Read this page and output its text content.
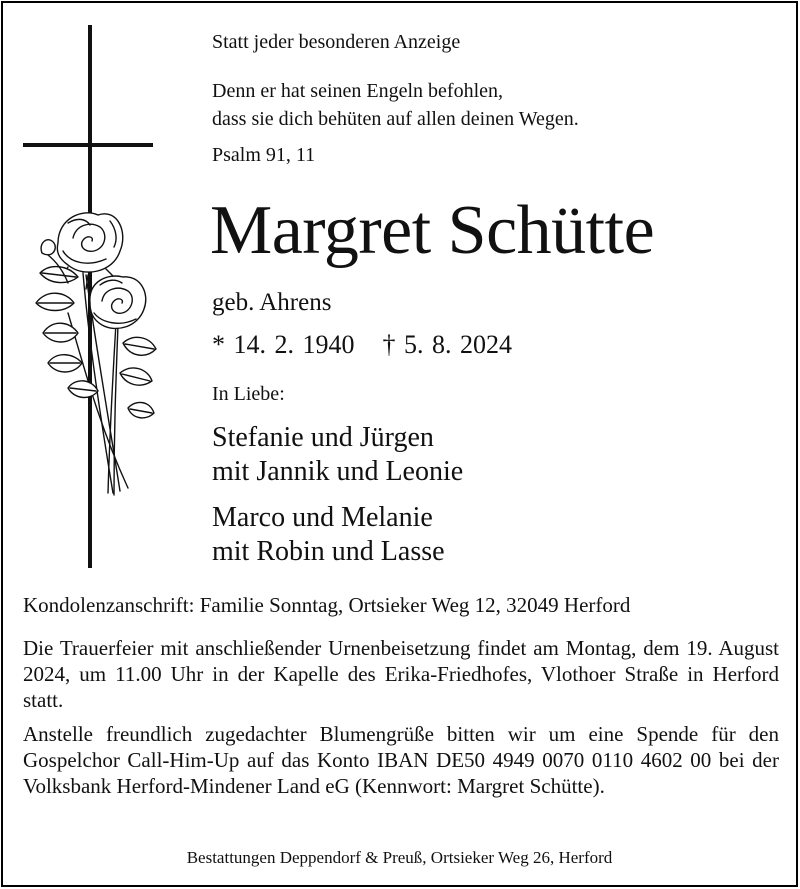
Statt jeder besonderen Anzeige
Denn er hat seinen Engeln befohlen,
dass sie dich behüten auf allen deinen Wegen.
Psalm 91, 11
Margret Schütte
geb. Ahrens
* 14. 2. 1940 † 5. 8. 2024
In Liebe:
Stefanie und Jürgen
mit Jannik und Leonie
Marco und Melanie
mit Robin und Lasse
Kondolenzanschrift: Familie Sonntag, Ortsieker Weg 12, 32049 Herford
Die Trauerfeier mit anschließender Urnenbeisetzung findet am Montag, dem 19. August 2024, um 11.00 Uhr in der Kapelle des Erika-Friedhofes, Vlothoer Straße in Herford statt.
Anstelle freundlich zugedachter Blumengrüße bitten wir um eine Spende für den Gospelchor Call-Him-Up auf das Konto IBAN DE50 4949 0070 0110 4602 00 bei der Volksbank Herford-Mindener Land eG (Kennwort: Margret Schütte).
Bestattungen Deppendorf & Preuß, Ortsieker Weg 26, Herford
